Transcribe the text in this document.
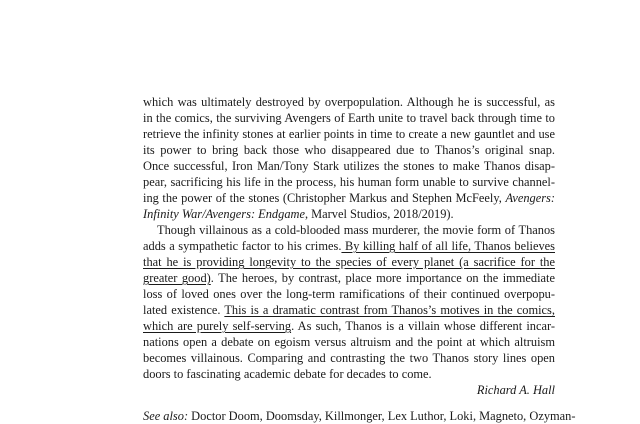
which was ultimately destroyed by overpopulation. Although he is successful, as
in the comics, the surviving Avengers of Earth unite to travel back through time to
retrieve the infinity stones at earlier points in time to create a new gauntlet and use
its power to bring back those who disappeared due to Thanos’s original snap.
Once successful, Iron Man/Tony Stark utilizes the stones to make Thanos disap-
pear, sacrificing his life in the process, his human form unable to survive channel-
ing the power of the stones (Christopher Markus and Stephen McFeely, Avengers:
Infinity War/Avengers: Endgame, Marvel Studios, 2018/2019).
Though villainous as a cold-blooded mass murderer, the movie form of Thanos
adds a sympathetic factor to his crimes. By killing half of all life, Thanos believes
that he is providing longevity to the species of every planet (a sacrifice for the
greater good). The heroes, by contrast, place more importance on the immediate
loss of loved ones over the long-term ramifications of their continued overpopu-
lated existence. This is a dramatic contrast from Thanos’s motives in the comics,
which are purely self-serving. As such, Thanos is a villain whose different incar-
nations open a debate on egoism versus altruism and the point at which altruism
becomes villainous. Comparing and contrasting the two Thanos story lines open
doors to fascinating academic debate for decades to come.
Richard A. Hall
See also: Doctor Doom, Doomsday, Killmonger, Lex Luthor, Loki, Magneto, Ozyman-
